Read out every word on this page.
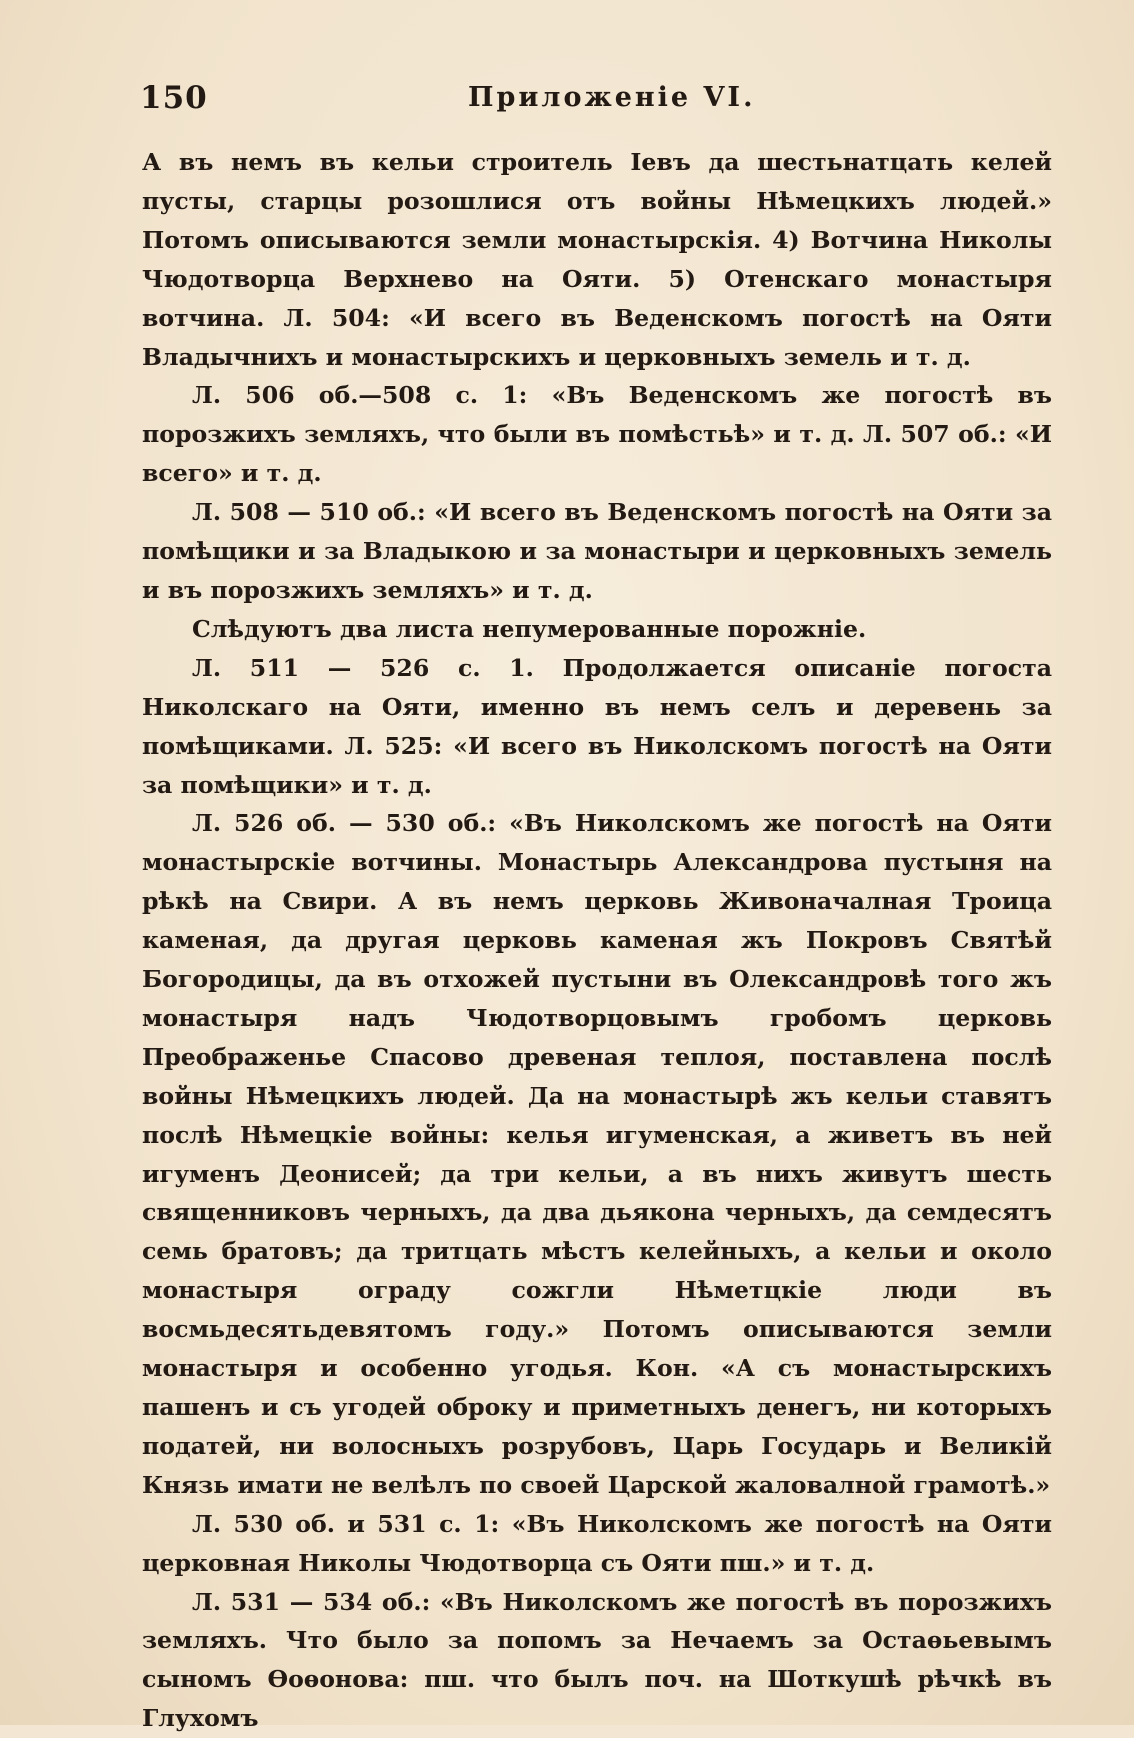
150	Приложеніе VI.

А въ немъ въ кельи строитель Іевъ да шестьнатцать келей пусты, старцы розошлися отъ войны Нѣмецкихъ людей.» Потомъ описываются земли монастырскія. 4) Вотчина Николы Чюдотворца Верхнево на Ояти. 5) Отенскаго монастыря вотчина. Л. 504: «И всего въ Веденскомъ погостѣ на Ояти Владычнихъ и монастырскихъ и церковныхъ земель и т. д.

Л. 506 об.—508 с. 1: «Въ Веденскомъ же погостѣ въ порозжихъ земляхъ, что были въ помѣстьѣ» и т. д. Л. 507 об.: «И всего» и т. д.

Л. 508 — 510 об.: «И всего въ Веденскомъ погостѣ на Ояти за помѣщики и за Владыкою и за монастыри и церковныхъ земель и въ порозжихъ земляхъ» и т. д.

Слѣдуютъ два листа непумерованные порожніе.

Л. 511 — 526 с. 1. Продолжается описаніе погоста Николскаго на Ояти, именно въ немъ селъ и деревень за помѣщиками. Л. 525: «И всего въ Николскомъ погостѣ на Ояти за помѣщики» и т. д.

Л. 526 об. — 530 об.: «Въ Николскомъ же погостѣ на Ояти монастырскіе вотчины. Монастырь Александрова пустыня на рѣкѣ на Свири. А въ немъ церковь Живоначалная Троица каменая, да другая церковь каменая жъ Покровъ Святѣй Богородицы, да въ отхожей пустыни въ Олександровѣ того жъ монастыря надъ Чюдотворцовымъ гробомъ церковь Преображенье Спасово древеная теплоя, поставлена послѣ войны Нѣмецкихъ людей. Да на монастырѣ жъ кельи ставятъ послѣ Нѣмецкіе войны: келья игуменская, а живетъ въ ней игуменъ Деонисей; да три кельи, а въ нихъ живутъ шесть священниковъ черныхъ, да два дьякона черныхъ, да семдесятъ семь братовъ; да тритцать мѣстъ келейныхъ, а кельи и около монастыря ограду сожгли Нѣметцкіе люди въ восмьдесятьдевятомъ году.» Потомъ описываются земли монастыря и особенно угодья. Кон. «А съ монастырскихъ пашенъ и съ угодей оброку и приметныхъ денегъ, ни которыхъ податей, ни волосныхъ розрубовъ, Царь Государь и Великій Князь имати не велѣлъ по своей Царской жаловалной грамотѣ.»

Л. 530 об. и 531 с. 1: «Въ Николскомъ же погостѣ на Ояти церковная Николы Чюдотворца съ Ояти пш.» и т. д.

Л. 531 — 534 об.: «Въ Николскомъ же погостѣ въ порозжихъ земляхъ. Что было за попомъ за Нечаемъ за Остаѳьевымъ сыномъ Ѳоѳонова: пш. что былъ поч. на Шоткушѣ рѣчкѣ въ Глухомъ
